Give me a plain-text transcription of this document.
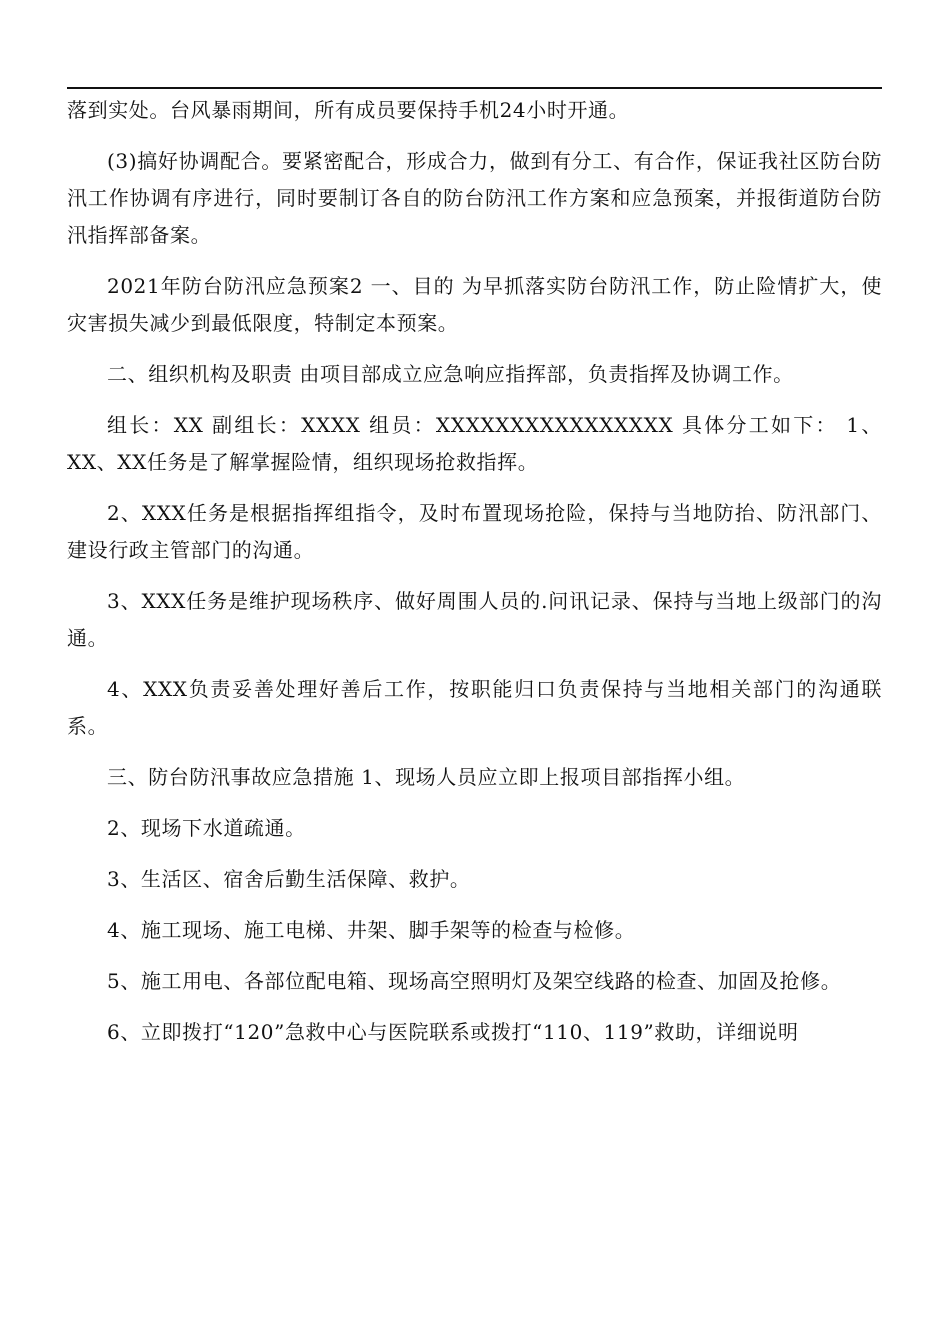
落到实处。台风暴雨期间，所有成员要保持手机24小时开通。

(3)搞好协调配合。要紧密配合，形成合力，做到有分工、有合作，保证我社区防台防汛工作协调有序进行，同时要制订各自的防台防汛工作方案和应急预案，并报街道防台防汛指挥部备案。

2021年防台防汛应急预案2 一、目的 为早抓落实防台防汛工作，防止险情扩大，使灾害损失减少到最低限度，特制定本预案。

二、组织机构及职责 由项目部成立应急响应指挥部，负责指挥及协调工作。

组长：XX 副组长：XXXX 组员：XXXXXXXXXXXXXXXX 具体分工如下： 1、XX、XX任务是了解掌握险情，组织现场抢救指挥。

2、XXX任务是根据指挥组指令，及时布置现场抢险，保持与当地防抬、防汛部门、建设行政主管部门的沟通。

3、XXX任务是维护现场秩序、做好周围人员的.问讯记录、保持与当地上级部门的沟通。

4、XXX负责妥善处理好善后工作，按职能归口负责保持与当地相关部门的沟通联系。

三、防台防汛事故应急措施 1、现场人员应立即上报项目部指挥小组。

2、现场下水道疏通。

3、生活区、宿舍后勤生活保障、救护。

4、施工现场、施工电梯、井架、脚手架等的检查与检修。

5、施工用电、各部位配电箱、现场高空照明灯及架空线路的检查、加固及抢修。

6、立即拨打“120”急救中心与医院联系或拨打“110、119”救助，详细说明
